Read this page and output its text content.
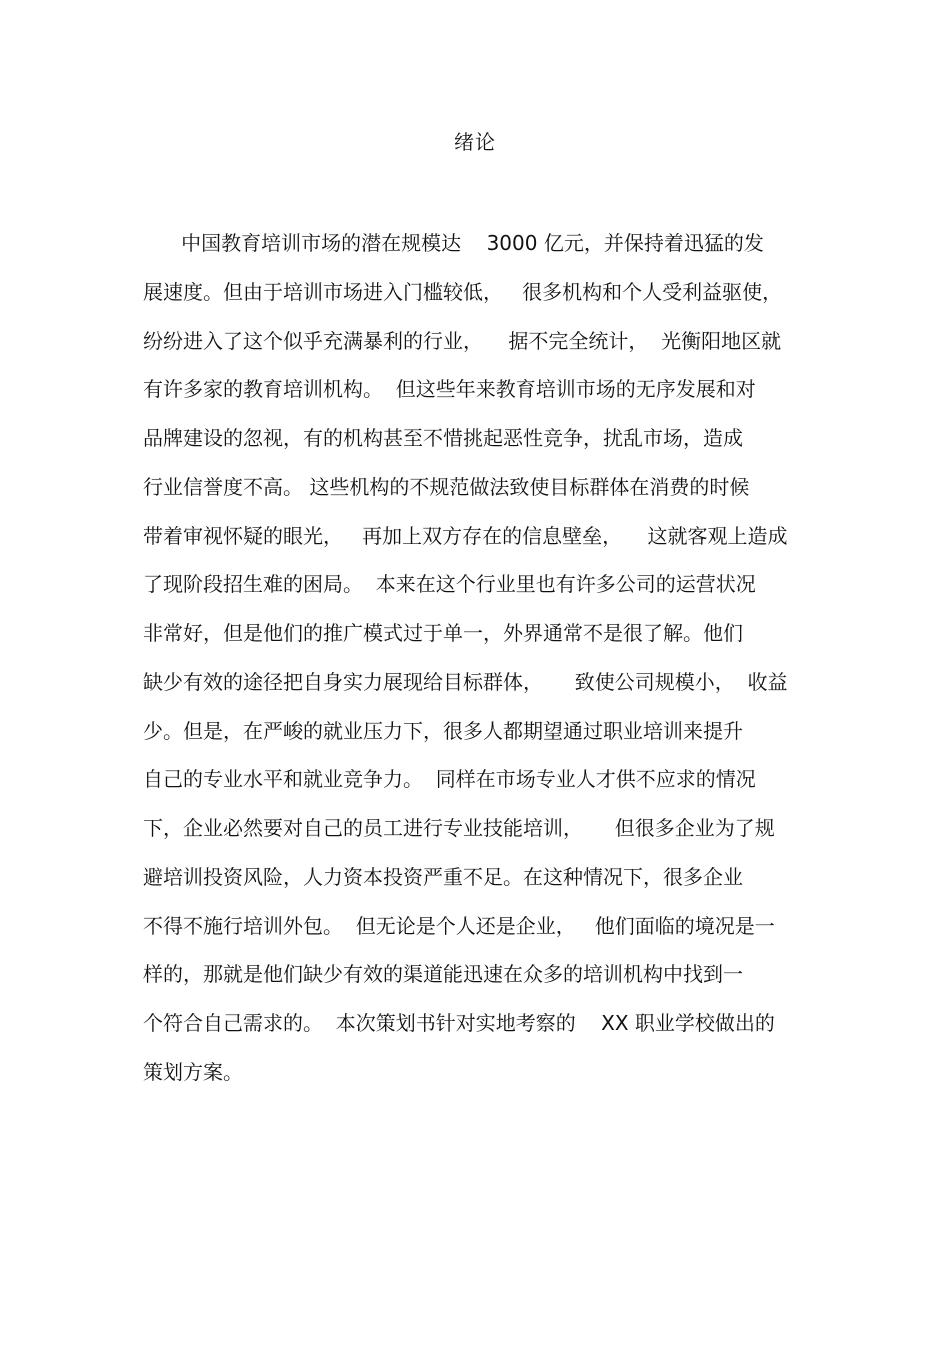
绪论
中国教育培训市场的潜在规模达    3000 亿元，并保持着迅猛的发
展速度。但由于培训市场进入门槛较低，   很多机构和个人受利益驱使，
纷纷进入了这个似乎充满暴利的行业，    据不完全统计，  光衡阳地区就
有许多家的教育培训机构。  但这些年来教育培训市场的无序发展和对
品牌建设的忽视，有的机构甚至不惜挑起恶性竞争，扰乱市场，造成
行业信誉度不高。 这些机构的不规范做法致使目标群体在消费的时候
带着审视怀疑的眼光，   再加上双方存在的信息壁垒，    这就客观上造成
了现阶段招生难的困局。  本来在这个行业里也有许多公司的运营状况
非常好，但是他们的推广模式过于单一，外界通常不是很了解。他们
缺少有效的途径把自身实力展现给目标群体，     致使公司规模小，  收益
少。但是，在严峻的就业压力下，很多人都期望通过职业培训来提升
自己的专业水平和就业竞争力。  同样在市场专业人才供不应求的情况
下，企业必然要对自己的员工进行专业技能培训，     但很多企业为了规
避培训投资风险，人力资本投资严重不足。在这种情况下，很多企业
不得不施行培训外包。  但无论是个人还是企业，   他们面临的境况是一
样的，那就是他们缺少有效的渠道能迅速在众多的培训机构中找到一
个符合自己需求的。  本次策划书针对实地考察的    XX 职业学校做出的
策划方案。
